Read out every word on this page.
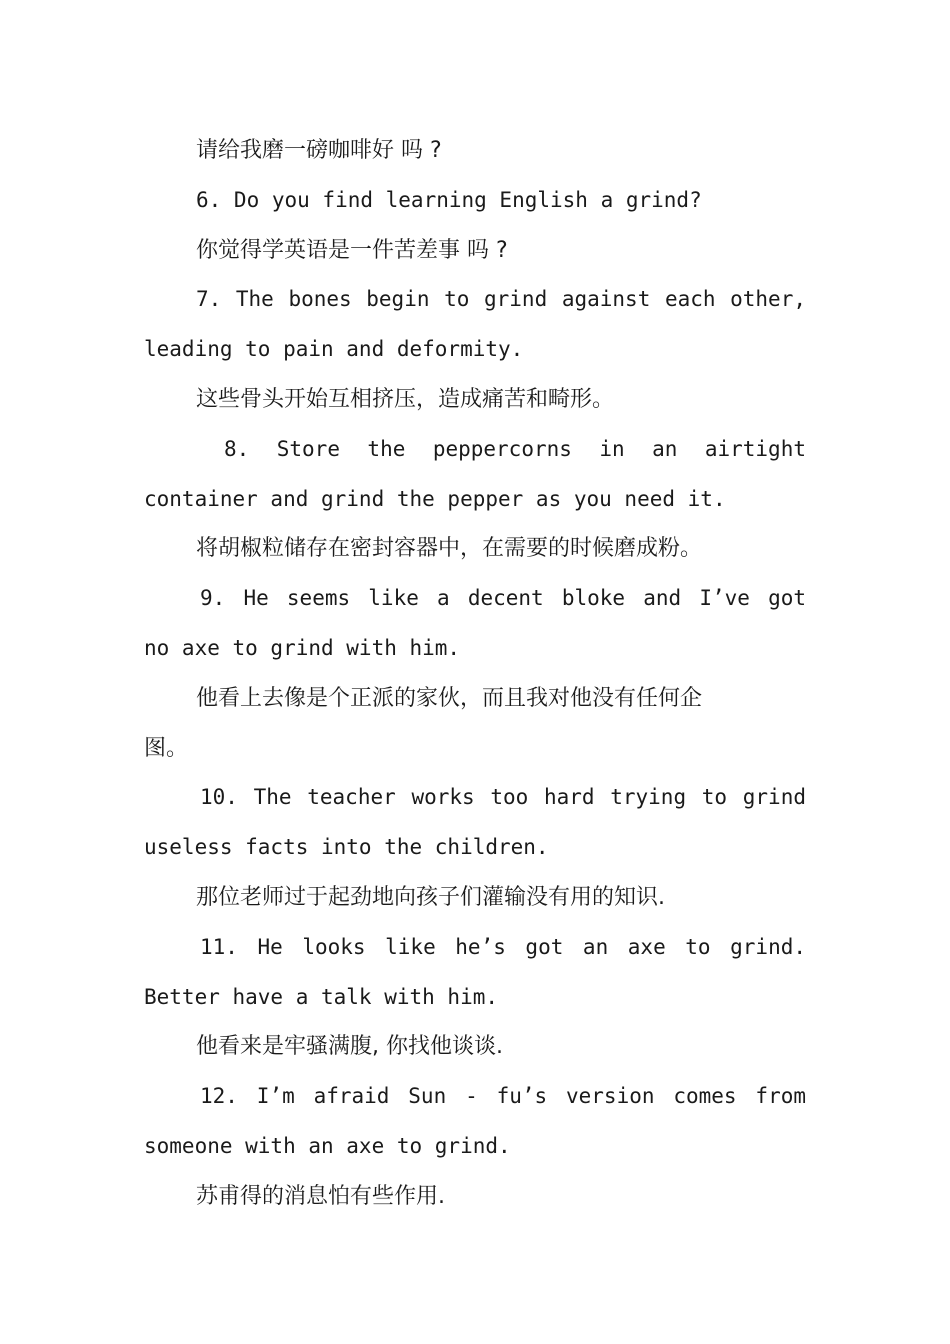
请给我磨一磅咖啡好 吗 ?
6. Do you find learning English a grind?
你觉得学英语是一件苦差事 吗 ?
7. The bones begin to grind against each other,
leading to pain and deformity.
这些骨头开始互相挤压，造成痛苦和畸形。
8. Store the peppercorns in an airtight
container and grind the pepper as you need it.
将胡椒粒储存在密封容器中，在需要的时候磨成粉。
9. He seems like a decent bloke and I’ve got
no axe to grind with him.
他看上去像是个正派的家伙，而且我对他没有任何企
图。
10. The teacher works too hard trying to grind
useless facts into the children.
那位老师过于起劲地向孩子们灌输没有用的知识.
11. He looks like he’s got an axe to grind.
Better have a talk with him.
他看来是牢骚满腹, 你找他谈谈.
12. I’m afraid Sun - fu’s version comes from
someone with an axe to grind.
苏甫得的消息怕有些作用.
